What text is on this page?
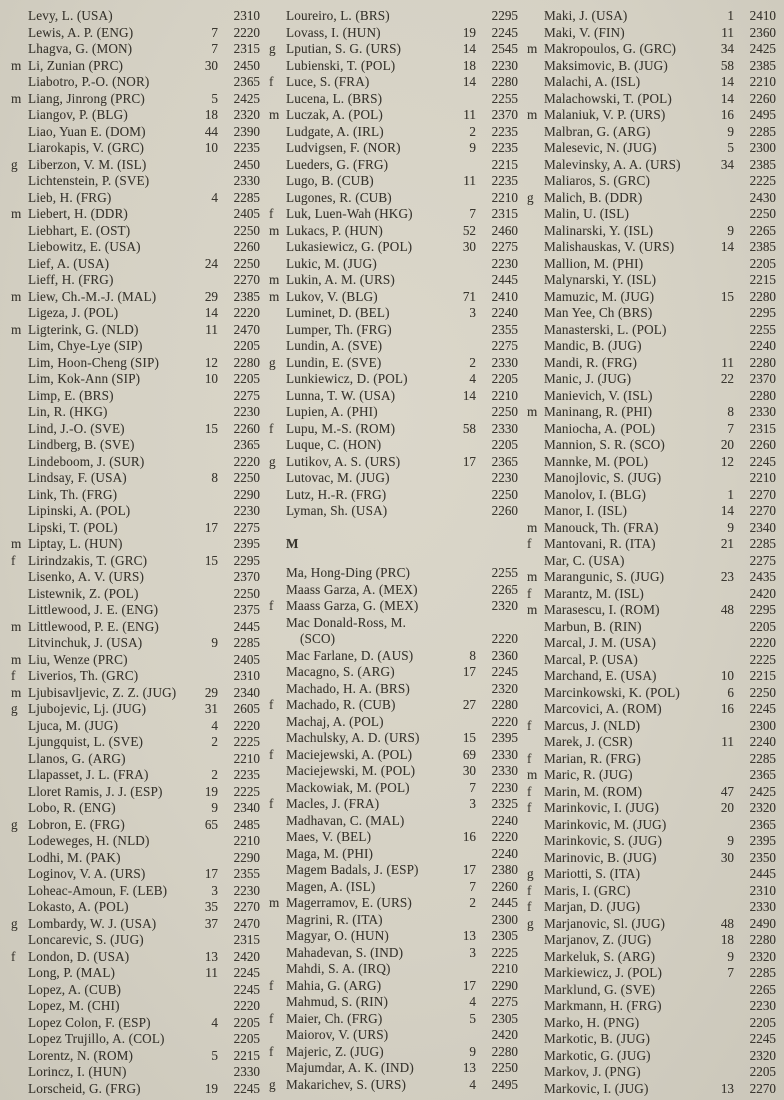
Levy, L. (USA)	2310
Lewis, A. P. (ENG)	7	2220
Lhagva, G. (MON)	7	2315
m Li, Zunian (PRC)	30	2450
Liabotro, P.-O. (NOR)	2365
m Liang, Jinrong (PRC)	5	2425
Liangov, P. (BLG)	18	2320
Liao, Yuan E. (DOM)	44	2390
Liarokapis, V. (GRC)	10	2235
g Liberzon, V. M. (ISL)	2450
Lichtenstein, P. (SVE)	2330
Lieb, H. (FRG)	4	2285
m Liebert, H. (DDR)	2405
Liebhart, E. (OST)	2250
Liebowitz, E. (USA)	2260
Lief, A. (USA)	24	2250
Lieff, H. (FRG)	2270
m Liew, Ch.-M.-J. (MAL)	29	2385
Ligeza, J. (POL)	14	2220
m Ligterink, G. (NLD)	11	2470
Lim, Chye-Lye (SIP)	2205
Lim, Hoon-Cheng (SIP)	12	2280
Lim, Kok-Ann (SIP)	10	2205
Limp, E. (BRS)	2275
Lin, R. (HKG)	2230
Lind, J.-O. (SVE)	15	2260
Lindberg, B. (SVE)	2365
Lindeboom, J. (SUR)	2220
Lindsay, F. (USA)	8	2250
Link, Th. (FRG)	2290
Lipinski, A. (POL)	2230
Lipski, T. (POL)	17	2275
m Liptay, L. (HUN)	2395
f Lirindzakis, T. (GRC)	15	2295
Lisenko, A. V. (URS)	2370
Listewnik, Z. (POL)	2250
Littlewood, J. E. (ENG)	2375
m Littlewood, P. E. (ENG)	2445
Litvinchuk, J. (USA)	9	2285
m Liu, Wenze (PRC)	2405
f Liverios, Th. (GRC)	2310
m Ljubisavljevic, Z. Z. (JUG)	29	2340
g Ljubojevic, Lj. (JUG)	31	2605
Ljuca, M. (JUG)	4	2220
Ljungquist, L. (SVE)	2	2225
Llanos, G. (ARG)	2210
Llapasset, J. L. (FRA)	2	2235
Lloret Ramis, J. J. (ESP)	19	2225
Lobo, R. (ENG)	9	2340
g Lobron, E. (FRG)	65	2485
Lodeweges, H. (NLD)	2210
Lodhi, M. (PAK)	2290
Loginov, V. A. (URS)	17	2355
Loheac-Amoun, F. (LEB)	3	2230
Lokasto, A. (POL)	35	2270
g Lombardy, W. J. (USA)	37	2470
Loncarevic, S. (JUG)	2315
f London, D. (USA)	13	2420
Long, P. (MAL)	11	2245
Lopez, A. (CUB)	2245
Lopez, M. (CHI)	2220
Lopez Colon, F. (ESP)	4	2205
Lopez Trujillo, A. (COL)	2205
Lorentz, N. (ROM)	5	2215
Lorincz, I. (HUN)	2330
Lorscheid, G. (FRG)	19	2245
Loureiro, L. (BRS)	2295
Lovass, I. (HUN)	19	2245
g Lputian, S. G. (URS)	14	2545
Lubienski, T. (POL)	18	2230
f Luce, S. (FRA)	14	2280
Lucena, L. (BRS)	2255
m Luczak, A. (POL)	11	2370
Ludgate, A. (IRL)	2	2235
Ludvigsen, F. (NOR)	9	2235
Lueders, G. (FRG)	2215
Lugo, B. (CUB)	11	2235
Lugones, R. (CUB)	2210
f Luk, Luen-Wah (HKG)	7	2315
m Lukacs, P. (HUN)	52	2460
Lukasiewicz, G. (POL)	30	2275
Lukic, M. (JUG)	2230
m Lukin, A. M. (URS)	2445
m Lukov, V. (BLG)	71	2410
Luminet, D. (BEL)	3	2240
Lumper, Th. (FRG)	2355
Lundin, A. (SVE)	2275
g Lundin, E. (SVE)	2	2330
Lunkiewicz, D. (POL)	4	2205
Lunna, T. W. (USA)	14	2210
Lupien, A. (PHI)	2250
f Lupu, M.-S. (ROM)	58	2330
Luque, C. (HON)	2205
g Lutikov, A. S. (URS)	17	2365
Lutovac, M. (JUG)	2230
Lutz, H.-R. (FRG)	2250
Lyman, Sh. (USA)	2260
M
Ma, Hong-Ding (PRC)	2255
Maass Garza, A. (MEX)	2265
f Maass Garza, G. (MEX)	2320
Mac Donald-Ross, M.
(SCO)	2220
Mac Farlane, D. (AUS)	8	2360
Macagno, S. (ARG)	17	2245
Machado, H. A. (BRS)	2320
f Machado, R. (CUB)	27	2280
Machaj, A. (POL)	2220
Machulsky, A. D. (URS)	15	2395
f Maciejewski, A. (POL)	69	2330
Maciejewski, M. (POL)	30	2330
Mackowiak, M. (POL)	7	2230
f Macles, J. (FRA)	3	2325
Madhavan, C. (MAL)	2240
Maes, V. (BEL)	16	2220
Maga, M. (PHI)	2240
Magem Badals, J. (ESP)	17	2380
Magen, A. (ISL)	7	2260
m Magerramov, E. (URS)	2	2445
Magrini, R. (ITA)	2300
Magyar, O. (HUN)	13	2305
Mahadevan, S. (IND)	3	2225
Mahdi, S. A. (IRQ)	2210
f Mahia, G. (ARG)	17	2290
Mahmud, S. (RIN)	4	2275
f Maier, Ch. (FRG)	5	2305
Maiorov, V. (URS)	2420
f Majeric, Z. (JUG)	9	2280
Majumdar, A. K. (IND)	13	2250
g Makarichev, S. (URS)	4	2495
Maki, J. (USA)	1	2410
Maki, V. (FIN)	11	2360
m Makropoulos, G. (GRC)	34	2425
Maksimovic, B. (JUG)	58	2385
Malachi, A. (ISL)	14	2210
Malachowski, T. (POL)	14	2260
m Malaniuk, V. P. (URS)	16	2495
Malbran, G. (ARG)	9	2285
Malesevic, N. (JUG)	5	2300
Malevinsky, A. A. (URS)	34	2385
Maliaros, S. (GRC)	2225
g Malich, B. (DDR)	2430
Malin, U. (ISL)	2250
Malinarski, Y. (ISL)	9	2265
Malishauskas, V. (URS)	14	2385
Mallion, M. (PHI)	2205
Malynarski, Y. (ISL)	2215
Mamuzic, M. (JUG)	15	2280
Man Yee, Ch (BRS)	2295
Manasterski, L. (POL)	2255
Mandic, B. (JUG)	2240
Mandi, R. (FRG)	11	2280
Manic, J. (JUG)	22	2370
Manievich, V. (ISL)	2280
m Maninang, R. (PHI)	8	2330
Maniocha, A. (POL)	7	2315
Mannion, S. R. (SCO)	20	2260
Mannke, M. (POL)	12	2245
Manojlovic, S. (JUG)	2210
Manolov, I. (BLG)	1	2270
Manor, I. (ISL)	14	2270
m Manouck, Th. (FRA)	9	2340
f Mantovani, R. (ITA)	21	2285
Mar, C. (USA)	2275
m Marangunic, S. (JUG)	23	2435
f Marantz, M. (ISL)	2420
m Marasescu, I. (ROM)	48	2295
Marbun, B. (RIN)	2205
Marcal, J. M. (USA)	2220
Marcal, P. (USA)	2225
Marchand, E. (USA)	10	2215
Marcinkowski, K. (POL)	6	2250
Marcovici, A. (ROM)	16	2245
f Marcus, J. (NLD)	2300
Marek, J. (CSR)	11	2240
f Marian, R. (FRG)	2285
m Maric, R. (JUG)	2365
f Marin, M. (ROM)	47	2425
f Marinkovic, I. (JUG)	20	2320
Marinkovic, M. (JUG)	2365
Marinkovic, S. (JUG)	9	2395
Marinovic, B. (JUG)	30	2350
g Mariotti, S. (ITA)	2445
f Maris, I. (GRC)	2310
f Marjan, D. (JUG)	2330
g Marjanovic, Sl. (JUG)	48	2490
Marjanov, Z. (JUG)	18	2280
Markeluk, S. (ARG)	9	2320
Markiewicz, J. (POL)	7	2285
Marklund, G. (SVE)	2265
Markmann, H. (FRG)	2230
Marko, H. (PNG)	2205
Markotic, B. (JUG)	2245
Markotic, G. (JUG)	2320
Markov, J. (PNG)	2205
Markovic, I. (JUG)	13	2270
